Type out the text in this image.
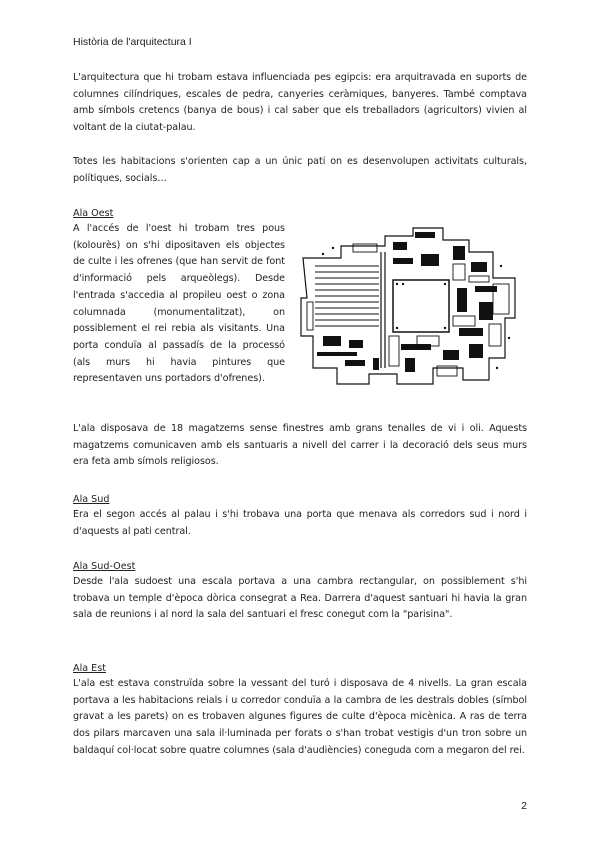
Història de l'arquitectura I
L'arquitectura que hi trobam estava influenciada pes egipcis: era arquitravada en suports de columnes cilíndriques, escales de pedra, canyeries ceràmiques, banyeres. També comptava amb símbols cretencs (banya de bous) i cal saber que els treballadors (agricultors) vivien al voltant de la ciutat-palau.
Totes les habitacions s'orienten cap a un únic pati on es desenvolupen activitats culturals, polítiques, socials…
Ala Oest
A l'accés de l'oest hi trobam tres pous (kolourès) on s'hi dipositaven els objectes de culte i les ofrenes (que han servit de font d'informació pels arqueòlegs). Desde l'entrada s'accedia al propileu oest o zona columnada (monumentalitzat), on possiblement el rei rebia als visitants. Una porta conduïa al passadís de la processó (als murs hi havia pintures que representaven uns portadors d'ofrenes).
L'ala disposava de 18 magatzems sense finestres amb grans tenalles de vi i oli. Aquests magatzems comunicaven amb els santuaris a nivell del carrer i la decoració dels seus murs era feta amb símols religiosos.
Ala Sud
Era el segon accés al palau i s'hi trobava una porta que menava als corredors sud i nord i d'aquests al pati central.
Ala Sud-Oest
Desde l'ala sudoest una escala portava a una cambra rectangular, on possiblement s'hi trobava un temple d'època dòrica consegrat a Rea. Darrera d'aquest santuari hi havia la gran sala de reunions i al nord la sala del santuari el fresc conegut com la "parisina".
Ala Est
L'ala est estava construïda sobre la vessant del turó i disposava de 4 nivells. La gran escala portava a les habitacions reials i u corredor conduïa a la cambra de les destrals dobles (símbol gravat a les parets) on es trobaven algunes figures de culte d'època micènica. A ras de terra dos pilars marcaven una sala il·luminada per forats o s'han trobat vestigis d'un tron sobre un baldaquí col·locat sobre quatre columnes (sala d'audiències) coneguda com a megaron del rei.
2
